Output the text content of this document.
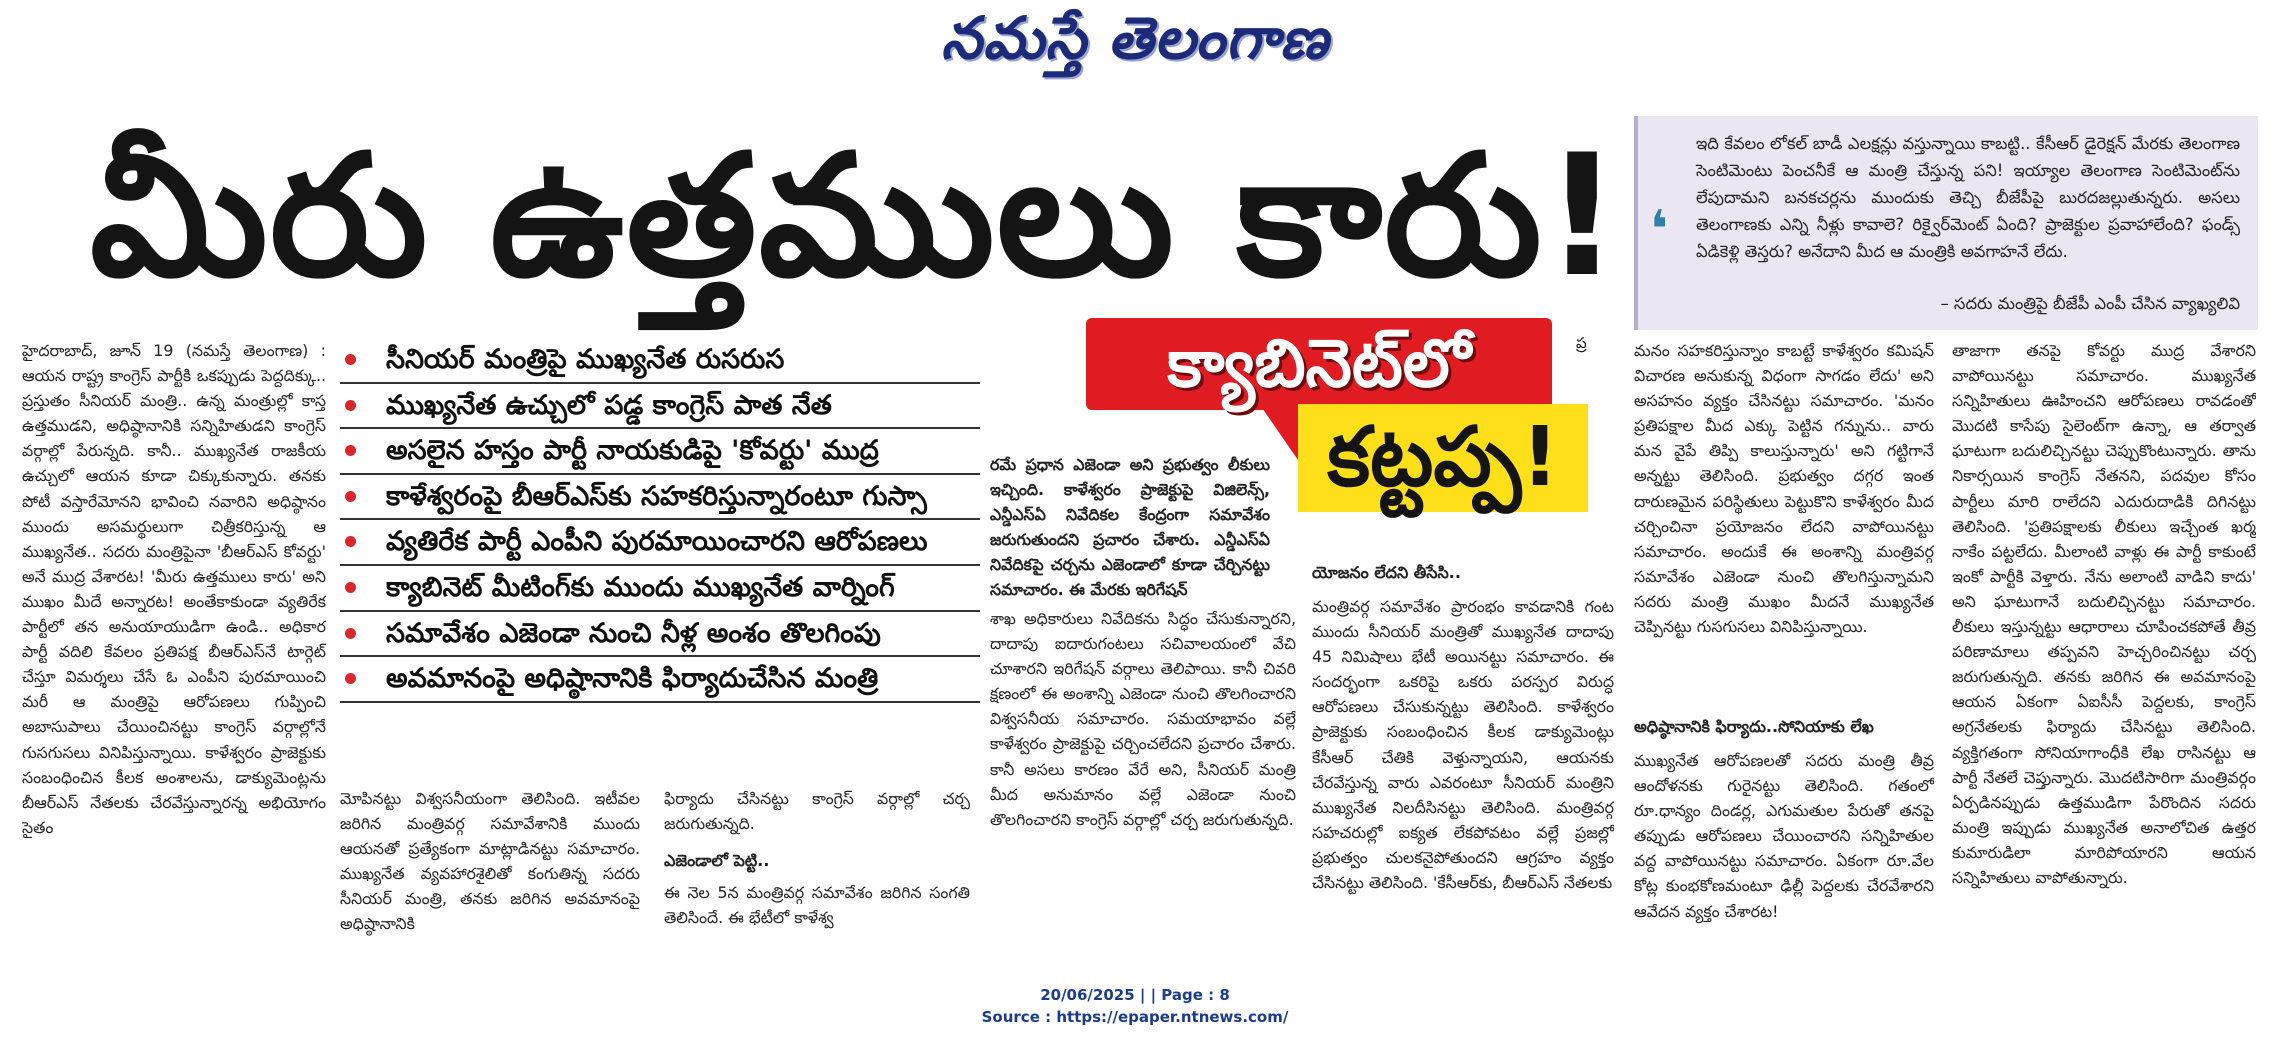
నమస్తే తెలంగాణ
మీరు ఉత్తములు కారు! ❛
ఇది కేవలం లోకల్ బాడీ ఎలక్షన్లు వస్తున్నాయి కాబట్టి.. కేసీఆర్ డైరెక్షన్ మేరకు తెలంగాణ సెంటిమెంటు పెంచనీకే ఆ మంత్రి చేస్తున్న పని! ఇయ్యాల తెలంగాణ సెంటిమెంట్‌ను లేపుదామని బనకచర్లను ముందుకు తెచ్చి బీజేపీపై బురదజల్లుతున్నరు. అసలు తెలంగాణకు ఎన్ని నీళ్లు కావాలె? రిక్వైర్‌మెంట్ ఏంది? ప్రాజెక్టుల ప్రవాహాలేంది? ఫండ్స్ ఏడికెళ్లి తెస్తరు? అనేదాని మీద ఆ మంత్రికి అవగాహనే లేదు.
– సదరు మంత్రిపై బీజేపీ ఎంపీ చేసిన వ్యాఖ్యలివి
సీనియర్ మంత్రిపై ముఖ్యనేత రుసరుస
ముఖ్యనేత ఉచ్చులో పడ్డ కాంగ్రెస్ పాత నేత
అసలైన హస్తం పార్టీ నాయకుడిపై 'కోవర్టు' ముద్ర
కాళేశ్వరంపై బీఆర్ఎస్‌కు సహకరిస్తున్నారంటూ గుస్సా
వ్యతిరేక పార్టీ ఎంపీని పురమాయించారని ఆరోపణలు
క్యాబినెట్ మీటింగ్‌కు ముందు ముఖ్యనేత వార్నింగ్
సమావేశం ఎజెండా నుంచి నీళ్ల అంశం తొలగింపు
అవమానంపై అధిష్ఠానానికి ఫిర్యాదుచేసిన మంత్రి
క్యాబినెట్‌లో
కట్టప్ప!
ప్ర
హైదరాబాద్, జూన్ 19 (నమస్తే తెలంగాణ) : ఆయన రాష్ట్ర కాంగ్రెస్ పార్టీకి ఒకప్పుడు పెద్దదిక్కు.. ప్రస్తుతం సీనియర్ మంత్రి.. ఉన్న మంత్రుల్లో కాస్త ఉత్తముడని, అధిష్ఠానానికి సన్నిహితుడని కాంగ్రెస్ వర్గాల్లో పేరున్నది. కానీ.. ముఖ్యనేత రాజకీయ ఉచ్చులో ఆయన కూడా చిక్కుకున్నారు. తనకు పోటీ వస్తారేమోనని భావించి నవారిని అధిష్ఠానం ముందు అసమర్థులుగా చిత్రీకరిస్తున్న ఆ ముఖ్యనేత.. సదరు మంత్రిపైనా 'బీఆర్ఎస్ కోవర్టు' అనే ముద్ర వేశారట! 'మీరు ఉత్తములు కారు' అని ముఖం మీదే అన్నారట! అంతేకాకుండా వ్యతిరేక పార్టీలో తన అనుయాయుడిగా ఉండి.. అధికార పార్టీ వదిలి కేవలం ప్రతిపక్ష బీఆర్ఎస్‌నే టార్గెట్ చేస్తూ విమర్శలు చేసే ఓ ఎంపీని పురమాయించి మరీ ఆ మంత్రిపై ఆరోపణలు గుప్పించి అబాసుపాలు చేయించినట్టు కాంగ్రెస్ వర్గాల్లోనే గుసగుసలు వినిపిస్తున్నాయి. కాళేశ్వరం ప్రాజెక్టుకు సంబంధించిన కీలక అంశాలను, డాక్యుమెంట్లను బీఆర్ఎస్ నేతలకు చేరవేస్తున్నారన్న అభియోగం సైతం
మోపినట్టు విశ్వసనీయంగా తెలిసింది. ఇటీవల జరిగిన మంత్రివర్గ సమావేశానికి ముందు ఆయనతో ప్రత్యేకంగా మాట్లాడినట్టు సమాచారం. ముఖ్యనేత వ్యవహారశైలితో కంగుతిన్న సదరు సీనియర్ మంత్రి, తనకు జరిగిన అవమానంపై అధిష్ఠానానికి
ఫిర్యాదు చేసినట్టు కాంగ్రెస్ వర్గాల్లో చర్చ జరుగుతున్నది.
ఎజెండాలో పెట్టి..
ఈ నెల 5న మంత్రివర్గ సమావేశం జరిగిన సంగతి తెలిసిందే. ఈ భేటీలో కాళేశ్వ
రమే ప్రధాన ఎజెండా అని ప్రభుత్వం లీకులు ఇచ్చింది. కాళేశ్వరం ప్రాజెక్టుపై విజిలెన్స్, ఎన్డీఎస్ఏ నివేదికల కేంద్రంగా సమావేశం జరుగుతుందని ప్రచారం చేశారు. ఎన్డీఎస్ఏ నివేదికపై చర్చను ఎజెండాలో కూడా చేర్చినట్టు సమాచారం. ఈ మేరకు ఇరిగేషన్
శాఖ అధికారులు నివేదికను సిద్ధం చేసుకున్నారని, దాదాపు ఐదారుగంటలు సచివాలయంలో వేచి చూశారని ఇరిగేషన్ వర్గాలు తెలిపాయి. కానీ చివరి క్షణంలో ఈ అంశాన్ని ఎజెండా నుంచి తొలగించారని విశ్వసనీయ సమాచారం. సమయాభావం వల్లే కాళేశ్వరం ప్రాజెక్టుపై చర్చించలేదని ప్రచారం చేశారు. కానీ అసలు కారణం వేరే అని, సీనియర్ మంత్రి మీద అనుమానం వల్లే ఎజెండా నుంచి తొలగించారని కాంగ్రెస్ వర్గాల్లో చర్చ జరుగుతున్నది.
యోజనం లేదని తీసేసి..
మంత్రివర్గ సమావేశం ప్రారంభం కావడానికి గంట ముందు సీనియర్ మంత్రితో ముఖ్యనేత దాదాపు 45 నిమిషాలు భేటీ అయినట్టు సమాచారం. ఈ సందర్భంగా ఒకరిపై ఒకరు పరస్పర విరుద్ధ ఆరోపణలు చేసుకున్నట్టు తెలిసింది. కాళేశ్వరం ప్రాజెక్టుకు సంబంధించిన కీలక డాక్యుమెంట్లు కేసీఆర్ చేతికి వెళ్తున్నాయని, ఆయనకు చేరవేస్తున్న వారు ఎవరంటూ సీనియర్ మంత్రిని ముఖ్యనేత నిలదీసినట్టు తెలిసింది. మంత్రివర్గ సహచరుల్లో ఐక్యత లేకపోవటం వల్లే ప్రజల్లో ప్రభుత్వం చులకనైపోతుందని ఆగ్రహం వ్యక్తం చేసినట్టు తెలిసింది. 'కేసీఆర్‌కు, బీఆర్ఎస్ నేతలకు
మనం సహకరిస్తున్నాం కాబట్టే కాళేశ్వరం కమిషన్ విచారణ అనుకున్న విధంగా సాగడం లేదు' అని అసహనం వ్యక్తం చేసినట్టు సమాచారం. 'మనం ప్రతిపక్షాల మీద ఎక్కు పెట్టిన గన్నును.. వారు మన వైపే తిప్పి కాలుస్తున్నారు' అని గట్టిగానే అన్నట్టు తెలిసింది. ప్రభుత్వం దగ్గర ఇంత దారుణమైన పరిస్థితులు పెట్టుకొని కాళేశ్వరం మీద చర్చించినా ప్రయోజనం లేదని వాపోయినట్టు సమాచారం. అందుకే ఈ అంశాన్ని మంత్రివర్గ సమావేశం ఎజెండా నుంచి తొలగిస్తున్నామని సదరు మంత్రి ముఖం మీదనే ముఖ్యనేత చెప్పినట్టు గుసగుసలు వినిపిస్తున్నాయి.
అధిష్ఠానానికి ఫిర్యాదు..సోనియాకు లేఖ
ముఖ్యనేత ఆరోపణలతో సదరు మంత్రి తీవ్ర ఆందోళనకు గురైనట్టు తెలిసింది. గతంలో రూ.ధాన్యం దిండర్ల, ఎగుమతుల పేరుతో తనపై తప్పుడు ఆరోపణలు చేయించారని సన్నిహితుల వద్ద వాపోయినట్టు సమాచారం. ఏకంగా రూ.వేల కోట్ల కుంభకోణమంటూ ఢిల్లీ పెద్దలకు చేరవేశారని ఆవేదన వ్యక్తం చేశారట!
తాజాగా తనపై కోవర్టు ముద్ర వేశారని వాపోయినట్టు సమాచారం. ముఖ్యనేత సన్నిహితులు ఊహించని ఆరోపణలు రావడంతో మొదటి కాసేపు సైలెంట్‌గా ఉన్నా, ఆ తర్వాత ఘాటుగా బదులిచ్చినట్టు చెప్పుకొంటున్నారు. తాను నికార్సయిన కాంగ్రెస్ నేతనని, పదవుల కోసం పార్టీలు మారి రాలేదని ఎదురుదాడికి దిగినట్టు తెలిసింది. 'ప్రతిపక్షాలకు లీకులు ఇచ్చేంత ఖర్మ నాకేం పట్టలేదు. మీలాంటి వాళ్లు ఈ పార్టీ కాకుంటే ఇంకో పార్టీకి వెళ్తారు. నేను అలాంటి వాడిని కాదు' అని ఘాటుగానే బదులిచ్చినట్టు సమాచారం. లీకులు ఇస్తున్నట్టు ఆధారాలు చూపించకపోతే తీవ్ర పరిణామాలు తప్పవని హెచ్చరించినట్టు చర్చ జరుగుతున్నది. తనకు జరిగిన ఈ అవమానంపై ఆయన ఏకంగా ఏఐసీసీ పెద్దలకు, కాంగ్రెస్ అగ్రనేతలకు ఫిర్యాదు చేసినట్టు తెలిసింది. వ్యక్తిగతంగా సోనియాగాంధీకి లేఖ రాసినట్టు ఆ పార్టీ నేతలే చెప్తున్నారు. మొదటిసారిగా మంత్రివర్గం ఏర్పడినప్పుడు ఉత్తముడిగా పేరొందిన సదరు మంత్రి ఇప్పుడు ముఖ్యనేత అనాలోచిత ఉత్తర కుమారుడిలా మారిపోయారని ఆయన సన్నిహితులు వాపోతున్నారు.
20/06/2025 | | Page : 8
Source : https://epaper.ntnews.com/
